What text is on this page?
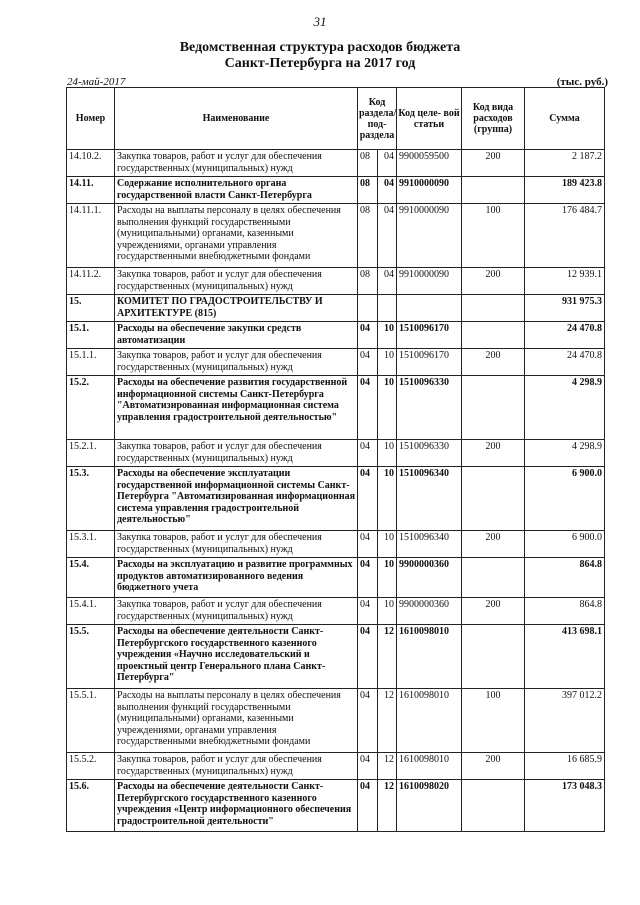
31
Ведомственная структура расходов бюджета
Санкт-Петербурга на 2017 год
24-май-2017	(тыс. руб.)
Номер	Наименование	Код раздела/ под- раздела		Код целе- вой статьи	Код вида расходов (группа)	Сумма
14.10.2.	Закупка товаров, работ и услуг для обеспечения государственных (муниципальных) нужд	08	04	9900059500	200	2 187.2
14.11.	Содержание исполнительного органа государственной власти Санкт-Петербурга	08	04	9910000090		189 423.8
14.11.1.	Расходы на выплаты персоналу в целях обеспечения выполнения функций государственными (муниципальными) органами, казенными учреждениями, органами управления государственными внебюджетными фондами	08	04	9910000090	100	176 484.7
14.11.2.	Закупка товаров, работ и услуг для обеспечения государственных (муниципальных) нужд	08	04	9910000090	200	12 939.1
15.	КОМИТЕТ ПО ГРАДОСТРОИТЕЛЬСТВУ И АРХИТЕКТУРЕ (815)					931 975.3
15.1.	Расходы на обеспечение закупки средств автоматизации	04	10	1510096170		24 470.8
15.1.1.	Закупка товаров, работ и услуг для обеспечения государственных (муниципальных) нужд	04	10	1510096170	200	24 470.8
15.2.	Расходы на обеспечение развития государственной информационной системы Санкт-Петербурга "Автоматизированная информационная система управления градостроительной деятельностью"	04	10	1510096330		4 298.9
15.2.1.	Закупка товаров, работ и услуг для обеспечения государственных (муниципальных) нужд	04	10	1510096330	200	4 298.9
15.3.	Расходы на обеспечение эксплуатации государственной информационной системы Санкт-Петербурга "Автоматизированная информационная система управления градостроительной деятельностью"	04	10	1510096340		6 900.0
15.3.1.	Закупка товаров, работ и услуг для обеспечения государственных (муниципальных) нужд	04	10	1510096340	200	6 900.0
15.4.	Расходы на эксплуатацию и развитие программных продуктов автоматизированного ведения бюджетного учета	04	10	9900000360		864.8
15.4.1.	Закупка товаров, работ и услуг для обеспечения государственных (муниципальных) нужд	04	10	9900000360	200	864.8
15.5.	Расходы на обеспечение деятельности Санкт-Петербургского государственного казенного учреждения «Научно исследовательский и проектный центр Генерального плана Санкт-Петербурга"	04	12	1610098010		413 698.1
15.5.1.	Расходы на выплаты персоналу в целях обеспечения выполнения функций государственными (муниципальными) органами, казенными учреждениями, органами управления государственными внебюджетными фондами	04	12	1610098010	100	397 012.2
15.5.2.	Закупка товаров, работ и услуг для обеспечения государственных (муниципальных) нужд	04	12	1610098010	200	16 685.9
15.6.	Расходы на обеспечение деятельности Санкт-Петербургского государственного казенного учреждения «Центр информационного обеспечения градостроительной деятельности"	04	12	1610098020		173 048.3
